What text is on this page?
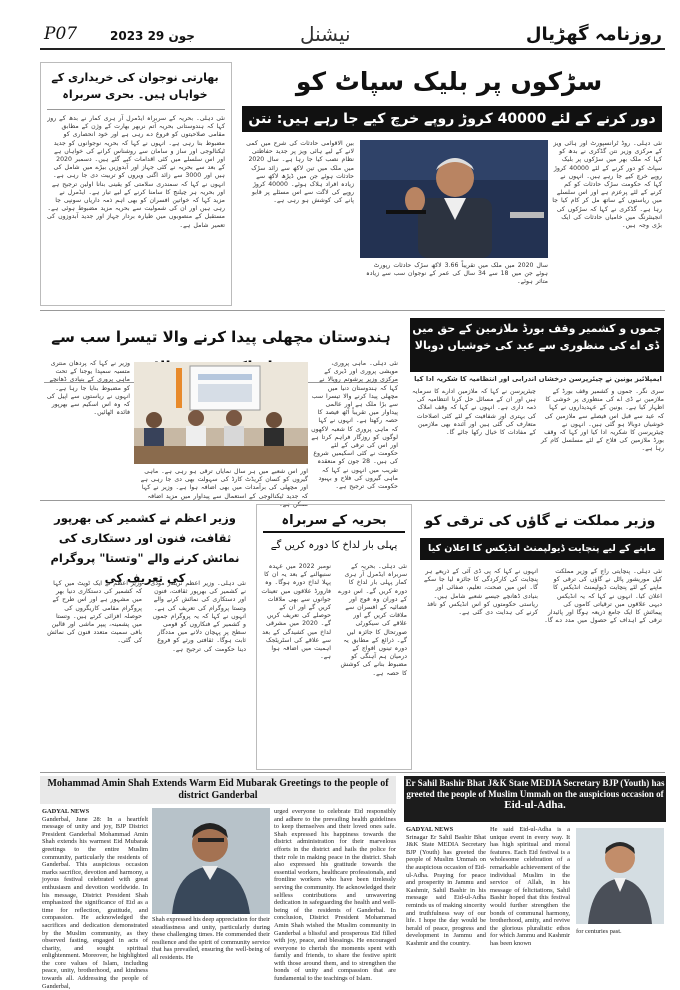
P07	2023 جون 29	نیشنل	روزنامہ گھڑیال
بھارتی نوجوان کی خریداری کے خواہاں ہیں۔ بحری سربراہ
نئی دہلی۔ بحریہ کے سربراہ ایڈمرل آر ہری کمار نے بدھ کے روز کہا کہ ہندوستانی بحریہ آتم نربھر بھارت کے وژن کے مطابق مقامی صلاحیتوں کو فروغ دے رہی ہے اور خود انحصاری کو مضبوط بنا رہی ہے۔ انہوں نے کہا کہ بحریہ نوجوانوں کو جدید ٹیکنالوجی اور ساز و سامان سے روشناس کرانے کی خواہاں ہے اور اس سلسلے میں کئی اقدامات کیے گئے ہیں۔ دسمبر 2020 کے بعد سے بحریہ نے کئی جہاز اور آبدوزیں بیڑے میں شامل کی ہیں اور 3000 سے زائد اگنی ویروں کو تربیت دی جا رہی ہے۔ انہوں نے کہا کہ سمندری سلامتی کو یقینی بنانا اولین ترجیح ہے اور بحریہ ہر چیلنج کا سامنا کرنے کے لیے تیار ہے۔ ایڈمرل نے مزید کہا کہ خواتین افسران کو بھی اہم ذمہ داریاں سونپی جا رہی ہیں اور ان کی شمولیت سے بحریہ مزید مضبوط ہوئی ہے۔ مستقبل کے منصوبوں میں طیارہ بردار جہاز اور جدید آبدوزوں کی تعمیر شامل ہے۔
سڑکوں پر بلیک سپاٹ کو
دور کرنے کے لئے 40000 کروڑ روپے خرچ کیے جا رہے ہیں: نتن
نئی دہلی۔ روڈ ٹرانسپورٹ اور ہائی ویز کے مرکزی وزیر نتن گڈکری نے بدھ کو کہا کہ ملک بھر میں سڑکوں پر بلیک سپاٹ کو دور کرنے کے لئے 40000 کروڑ روپے خرچ کیے جا رہے ہیں۔ انہوں نے کہا کہ حکومت سڑک حادثات کو کم کرنے کے لئے پرعزم ہے اور اس سلسلے میں ریاستوں کے ساتھ مل کر کام کیا جا رہا ہے۔ گڈکری نے کہا کہ سڑکوں کی انجینئرنگ میں خامیاں حادثات کی ایک بڑی وجہ ہیں۔
سال 2020 میں ملک میں تقریباً 3.66 لاکھ سڑک حادثات رپورٹ ہوئے جن میں 18 سے 34 سال کی عمر کے نوجوان سب سے زیادہ متاثر ہوئے۔
بین الاقوامی حادثات کی شرح میں کمی لانے کے لیے ہائی ویز پر جدید حفاظتی نظام نصب کیا جا رہا ہے۔ سال 2020 میں ملک میں تین لاکھ سے زائد سڑک حادثات ہوئے جن میں ڈیڑھ لاکھ سے زیادہ افراد ہلاک ہوئے۔ 40000 کروڑ روپے کی لاگت سے اس مسئلے پر قابو پانے کی کوشش ہو رہی ہے۔
ہندوستان مچھلی پیدا کرنے والا تیسرا سب سے
نئی دہلی۔ ماہی پروری، مویشی پروری اور ڈیری کے مرکزی وزیر پرشوتم روپالا نے کہا کہ ہندوستان دنیا میں مچھلی پیدا کرنے والا تیسرا سب سے بڑا ملک ہے اور عالمی پیداوار میں تقریباً آٹھ فیصد کا حصہ رکھتا ہے۔ انہوں نے کہا کہ ماہی پروری کا شعبہ لاکھوں لوگوں کو روزگار فراہم کرتا ہے اور اس کی ترقی کے لئے حکومت نے کئی اسکیمیں شروع کی ہیں۔ 28 جون کو منعقدہ تقریب میں انہوں نے کہا کہ ماہی گیروں کی فلاح و بہبود حکومت کی ترجیح ہے۔
اور اس شعبے میں ہر سال نمایاں ترقی ہو رہی ہے۔ ماہی گیروں کو کسان کریڈٹ کارڈ کی سہولت بھی دی جا رہی ہے اور مچھلی کی برآمدات میں بھی اضافہ ہوا ہے۔ وزیر نے کہا کہ جدید ٹیکنالوجی کے استعمال سے پیداوار میں مزید اضافہ ممکن ہے۔
وزیر نے کہا کہ پردھان منتری متسیہ سمپدا یوجنا کے تحت ماہی پروری کے بنیادی ڈھانچے کو مضبوط بنایا جا رہا ہے۔ انہوں نے ریاستوں سے اپیل کی کہ وہ اس اسکیم سے بھرپور فائدہ اٹھائیں۔
جموں و کشمیر وقف بورڈ ملازمین کے حق میں ڈی اے کی منظوری سے عید کی خوشیاں دوبالا
ایمپلائیز یونین نے چیئرپرسن درخشاں اندرابی اور انتظامیہ کا شکریہ ادا کیا
سری نگر۔ جموں و کشمیر وقف بورڈ کے ملازمین نے ڈی اے کی منظوری پر خوشی کا اظہار کیا ہے۔ یونین کے عہدیداروں نے کہا کہ عید سے قبل اس فیصلے سے ملازمین کی خوشیاں دوبالا ہو گئی ہیں۔ انہوں نے چیئرپرسن کا شکریہ ادا کیا اور کہا کہ وقف بورڈ ملازمین کی فلاح کے لئے مسلسل کام کر رہا ہے۔
چیئرپرسن نے کہا کہ ملازمین ادارے کا سرمایہ ہیں اور ان کے مسائل حل کرنا انتظامیہ کی ذمہ داری ہے۔ انہوں نے کہا کہ وقف املاک کی بہتری اور شفافیت کے لئے کئی اصلاحات متعارف کی گئی ہیں اور آئندہ بھی ملازمین کے مفادات کا خیال رکھا جائے گا۔
وزیر اعظم نے کشمیر کی بھرپور ثقافت، فنون اور دستکاری کی نمائش کرنے والے "وتستا" پروگرام کی تعریف کی
نئی دہلی۔ وزیر اعظم نریندر مودی نے کشمیر کی بھرپور ثقافت، فنون اور دستکاری کی نمائش کرنے والے وتستا پروگرام کی تعریف کی ہے۔ انہوں نے کہا کہ یہ پروگرام جموں و کشمیر کے فنکاروں کو قومی سطح پر پہچان دلانے میں مددگار ثابت ہوگا۔ ثقافتی ورثے کو فروغ دینا حکومت کی ترجیح ہے۔
وزیر اعظم نے ایک ٹویٹ میں کہا کہ کشمیر کی دستکاری دنیا بھر میں مشہور ہے اور اس طرح کے پروگرام مقامی کاریگروں کی حوصلہ افزائی کرتے ہیں۔ وتستا میں پشمینہ، پیپر ماشی اور قالین بافی سمیت متعدد فنون کی نمائش کی گئی۔
بحریہ کے سربراہ
پہلی بار لداخ کا دورہ کریں گے
نئی دہلی۔ بحریہ کے سربراہ ایڈمرل آر ہری کمار پہلی بار لداخ کا دورہ کریں گے۔ اس دورے کے دوران وہ فوج اور فضائیہ کے افسران سے ملاقات کریں گے اور علاقے کی سیکورٹی صورتحال کا جائزہ لیں گے۔ ذرائع کے مطابق یہ دورہ تینوں افواج کے درمیان ہم آہنگی کو مضبوط بنانے کی کوشش کا حصہ ہے۔
نومبر 2022 میں عہدہ سنبھالنے کے بعد یہ ان کا پہلا لداخ دورہ ہوگا۔ وہ فارورڈ علاقوں میں تعینات جوانوں سے بھی ملاقات کریں گے اور ان کے حوصلے کی تعریف کریں گے۔ 2020 میں مشرقی لداخ میں کشیدگی کے بعد سے علاقے کی اسٹریٹجک اہمیت میں اضافہ ہوا ہے۔
وزیر مملکت نے گاؤں کی ترقی کو
ماپنے کے لیے پنچایت ڈیولپمنٹ انڈیکس کا اعلان کیا
نئی دہلی۔ پنچایتی راج کے وزیر مملکت کپل موریشور پاٹل نے گاؤں کی ترقی کو ماپنے کے لئے پنچایت ڈیولپمنٹ انڈیکس کا اعلان کیا۔ انہوں نے کہا کہ یہ انڈیکس دیہی علاقوں میں ترقیاتی کاموں کی پیمائش کا ایک جامع ذریعہ ہوگا اور پائیدار ترقی کے اہداف کے حصول میں مدد دے گا۔
انہوں نے کہا کہ پی ڈی آئی کے ذریعے ہر پنچایت کی کارکردگی کا جائزہ لیا جا سکے گا۔ اس میں صحت، تعلیم، صفائی اور بنیادی ڈھانچے جیسے شعبے شامل ہیں۔ ریاستی حکومتوں کو اس انڈیکس کو نافذ کرنے کی ہدایت دی گئی ہے۔
Mohammad Amin Shah Extends Warm Eid Mubarak Greetings to the people of district Ganderbal
GADYAL NEWS
Ganderbal, June 28: In a heartfelt message of unity and joy, BJP District President Ganderbal Mohammad Amin Shah extends his warmest Eid Mubarak greetings to the entire Muslim community, particularly the residents of Ganderbal. This auspicious occasion marks sacrifice, devotion and harmony, a joyous festival celebrated with great enthusiasm and devotion worldwide. In his message, District President Shah emphasized the significance of Eid as a time for reflection, gratitude, and compassion. He acknowledged the sacrifices and dedication demonstrated by the Muslim community, as they observed fasting, engaged in acts of charity, and sought spiritual enlightenment. Moreover, he highlighted the core values of Islam, including peace, unity, brotherhood, and kindness towards all. Addressing the people of Ganderbal,
Shah expressed his deep appreciation for their steadfastness and unity, particularly during these challenging times. He commended their resilience and the spirit of community service that has prevailed, ensuring the well-being of all residents. He
urged everyone to celebrate Eid responsibly and adhere to the prevailing health guidelines to keep themselves and their loved ones safe. Shah expressed his happiness towards the district administration for their marvelous efforts in the district and hails the police for their role in making peace in the district. Shah also expressed his gratitude towards the essential workers, healthcare professionals, and frontline workers who have been tirelessly serving the community. He acknowledged their selfless contributions and unwavering dedication in safeguarding the health and well-being of the residents of Ganderbal. In conclusion, District President Mohammad Amin Shah wished the Muslim community in Ganderbal a blissful and prosperous Eid filled with joy, peace, and blessings. He encouraged everyone to cherish the moments spent with family and friends, to share the festive spirit with those around them, and to strengthen the bonds of unity and compassion that are fundamental to the teachings of Islam.
Er Sahil Bashir Bhat J&K State MEDIA Secretary BJP (Youth) has greeted the people of Muslim Ummah on the auspicious occasion of Eid-ul-Adha.
GADYAL NEWS
Srinagar Er Sahil Bashir Bhat J&K State MEDIA Secretary BJP (Youth) has greeted the people of Muslim Ummah on the auspicious occasion of Eid-ul-Adha. Praying for peace and prosperity in Jammu and Kashmir, Sahil Bashir in his message said Eid-ul-Adha reminds us of making sincerity and truthfulness way of our life. I hope the day would be herald of peace, progress and development in Jammu and Kashmir and the country.
He said Eid-ul-Adha is a unique event in every way. It has high spiritual and moral features. Each Eid festival is a wholesome celebration of a remarkable achievement of the individual Muslim in the service of Allah, in his message of felicitations, Sahil Bashir hoped that this festival would further strengthen the bonds of communal harmony, brotherhood, amity, and revive the glorious pluralistic ethos for which Jammu and Kashmir has been known
for centuries past.
